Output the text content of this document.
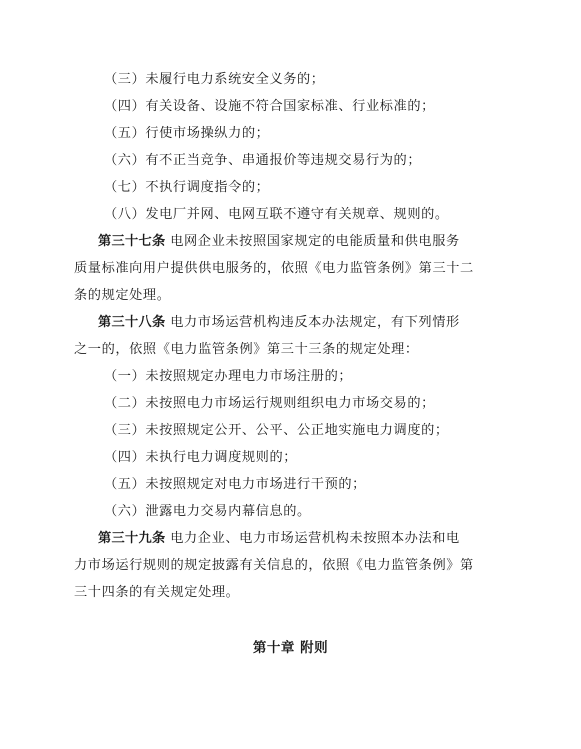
（三）未履行电力系统安全义务的；
（四）有关设备、设施不符合国家标准、行业标准的；
（五）行使市场操纵力的；
（六）有不正当竞争、串通报价等违规交易行为的；
（七）不执行调度指令的；
（八）发电厂并网、电网互联不遵守有关规章、规则的。
第三十七条 电网企业未按照国家规定的电能质量和供电服务
质量标准向用户提供供电服务的，依照《电力监管条例》第三十二
条的规定处理。
第三十八条 电力市场运营机构违反本办法规定，有下列情形
之一的，依照《电力监管条例》第三十三条的规定处理：
（一）未按照规定办理电力市场注册的；
（二）未按照电力市场运行规则组织电力市场交易的；
（三）未按照规定公开、公平、公正地实施电力调度的；
（四）未执行电力调度规则的；
（五）未按照规定对电力市场进行干预的；
（六）泄露电力交易内幕信息的。
第三十九条 电力企业、电力市场运营机构未按照本办法和电
力市场运行规则的规定披露有关信息的，依照《电力监管条例》第
三十四条的有关规定处理。
第十章 附则
